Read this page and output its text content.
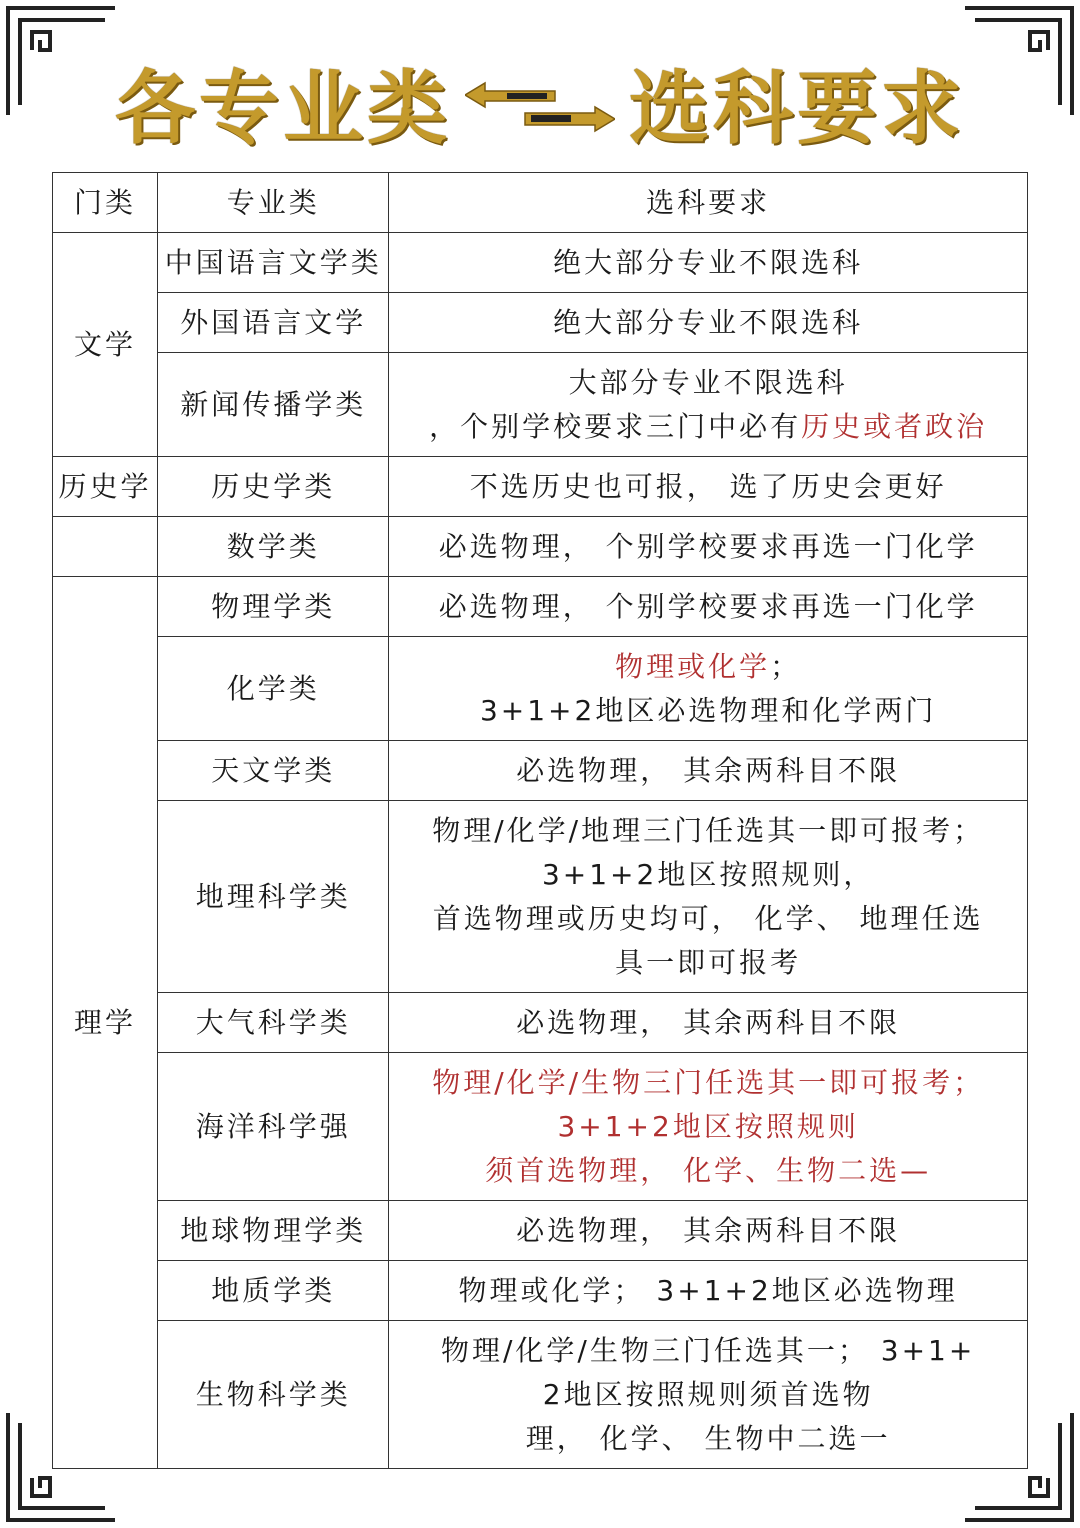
各专业类 选科要求
门类	专业类	选科要求
文学	中国语言文学类	绝大部分专业不限选科
	外国语言文学	绝大部分专业不限选科
	新闻传播学类	大部分专业不限选科
，个别学校要求三门中必有历史或者政治
历史学	历史学类	不选历史也可报， 选了历史会更好
	数学类	必选物理， 个别学校要求再选一门化学
理学	物理学类	必选物理， 个别学校要求再选一门化学
	化学类	物理或化学；
3+1+2地区必选物理和化学两门
	天文学类	必选物理， 其余两科目不限
	地理科学类	物理/化学/地理三门任选其一即可报考；
3+1+2地区按照规则，
首选物理或历史均可， 化学、 地理任选
具一即可报考
	大气科学类	必选物理， 其余两科目不限
	海洋科学强	物理/化学/生物三门任选其一即可报考；
3+1+2地区按照规则
须首选物理， 化学、生物二选—
	地球物理学类	必选物理， 其余两科目不限
	地质学类	物理或化学； 3+1+2地区必选物理
	生物科学类	物理/化学/生物三门任选其一； 3+1+
2地区按照规则须首选物
理， 化学、 生物中二选一
